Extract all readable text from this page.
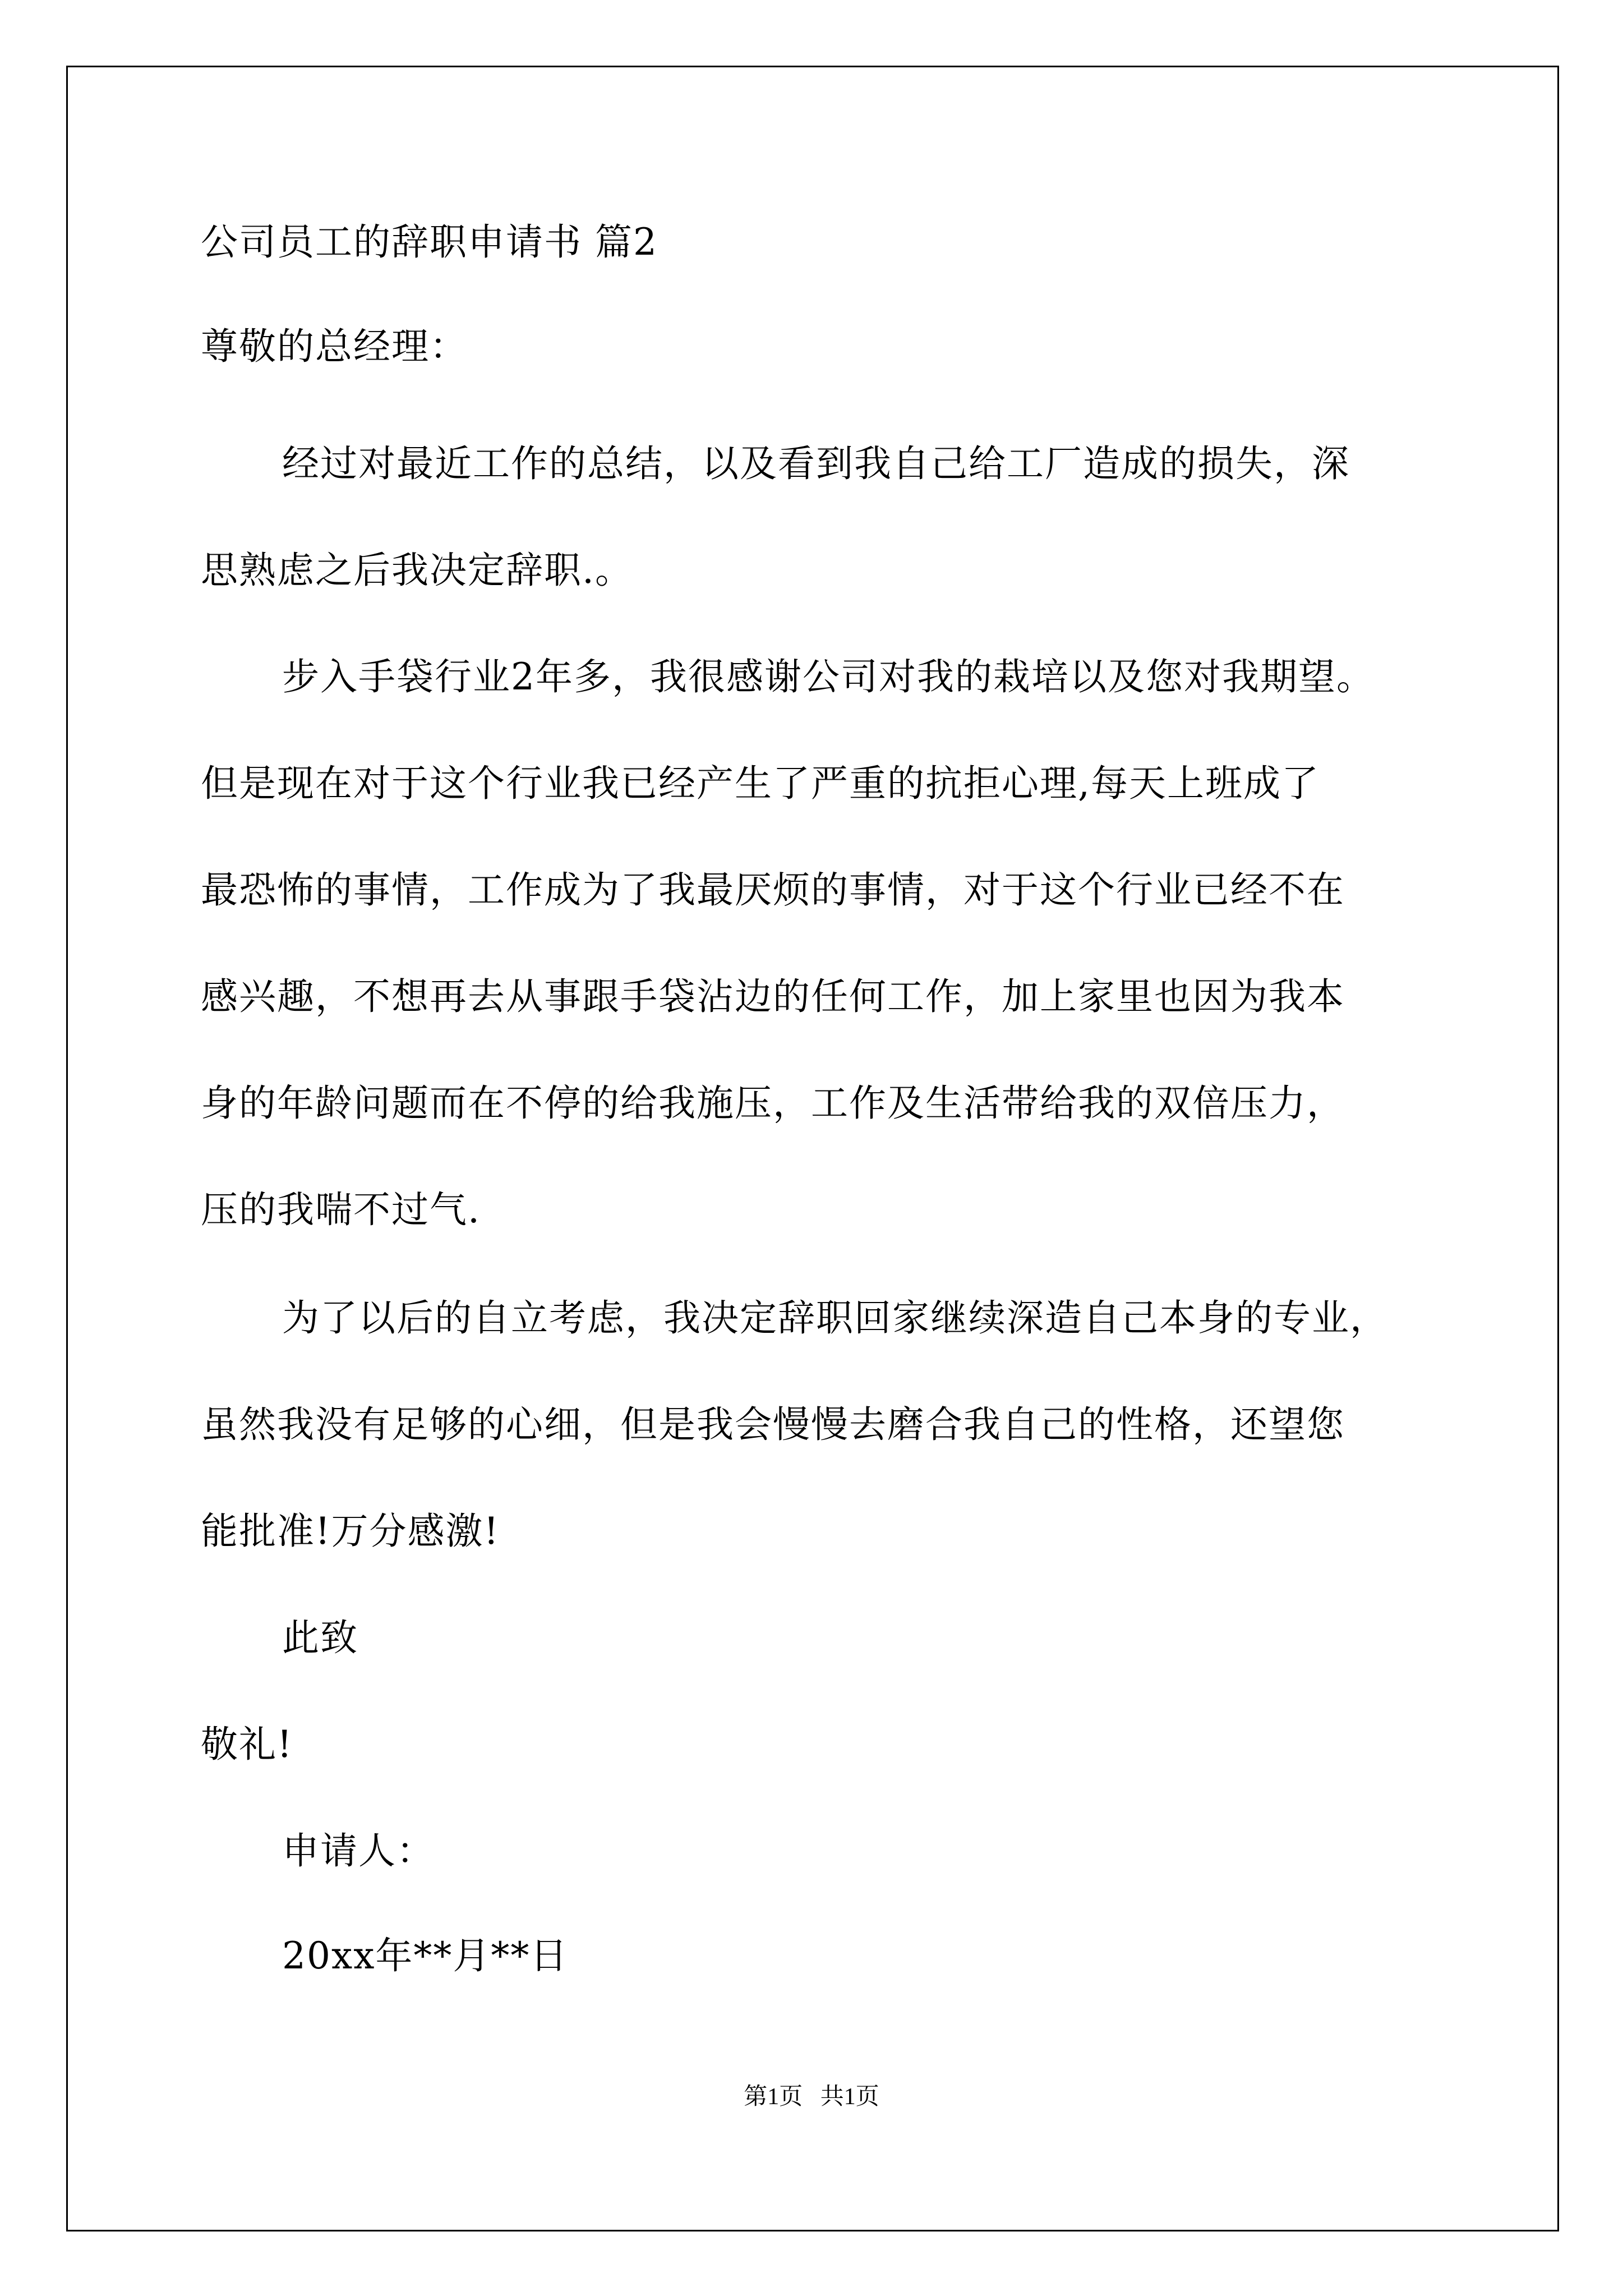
公司员工的辞职申请书 篇2
尊敬的总经理：
经过对最近工作的总结，以及看到我自己给工厂造成的损失，深
思熟虑之后我决定辞职.。
步入手袋行业2年多，我很感谢公司对我的栽培以及您对我期望。
但是现在对于这个行业我已经产生了严重的抗拒心理,每天上班成了
最恐怖的事情，工作成为了我最厌烦的事情，对于这个行业已经不在
感兴趣，不想再去从事跟手袋沾边的任何工作，加上家里也因为我本
身的年龄问题而在不停的给我施压，工作及生活带给我的双倍压力，
压的我喘不过气.
为了以后的自立考虑，我决定辞职回家继续深造自己本身的专业，
虽然我没有足够的心细，但是我会慢慢去磨合我自己的性格，还望您
能批准!万分感激!
此致
敬礼!
申请人：
20xx年**月**日
第1页   共1页
